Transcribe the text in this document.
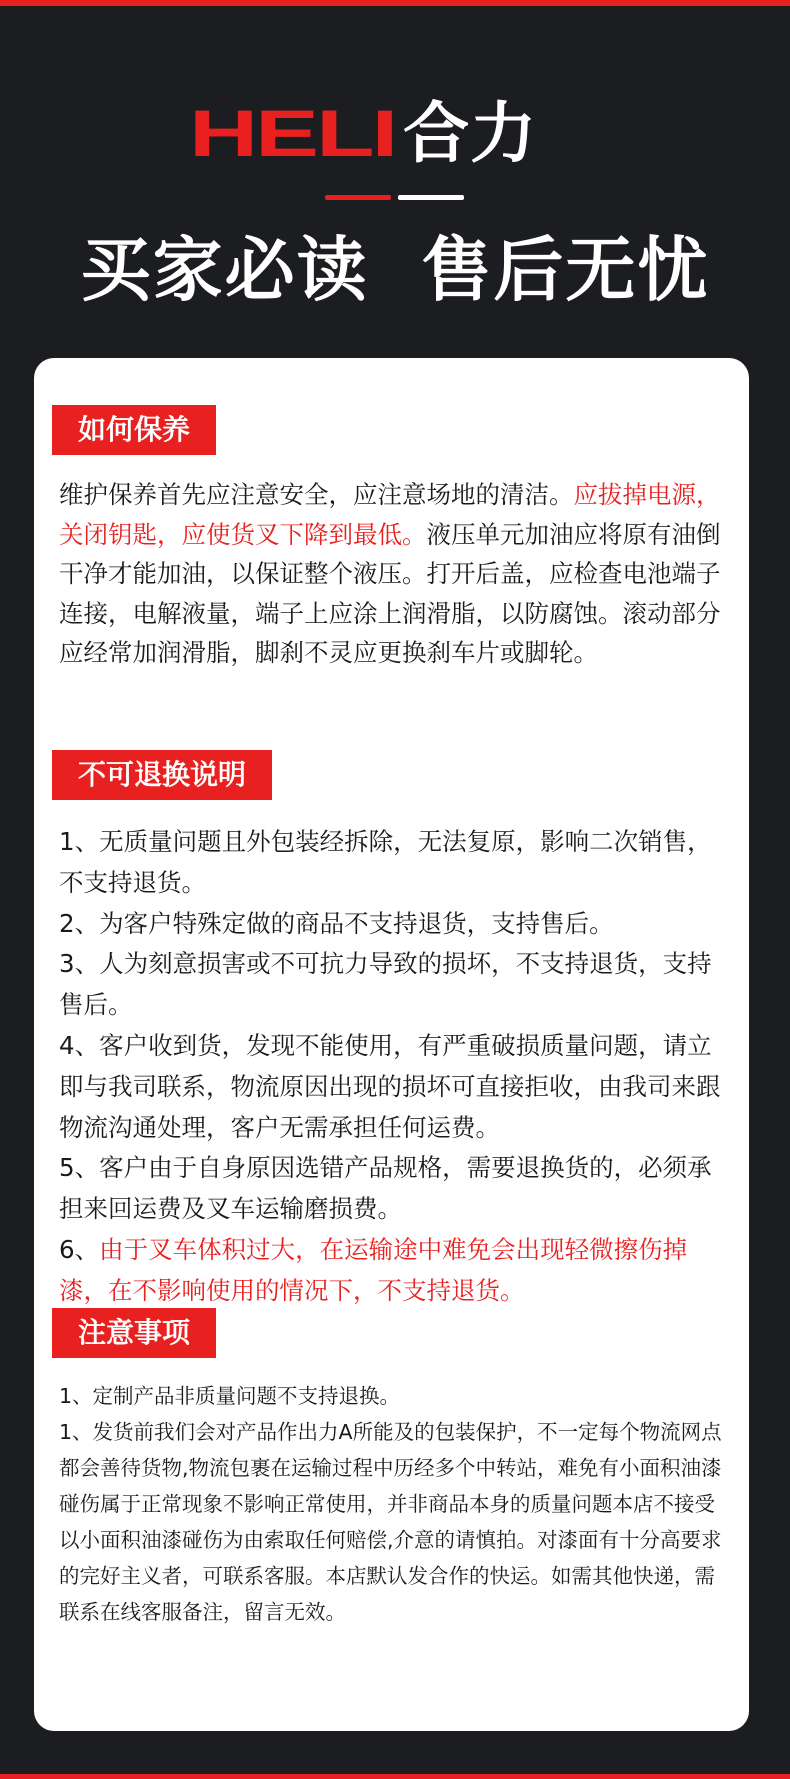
HELI 合力
买家必读  售后无忧
如何保养

维护保养首先应注意安全，应注意场地的清洁。应拔掉电源，关闭钥匙，应使货叉下降到最低。液压单元加油应将原有油倒干净才能加油，以保证整个液压。打开后盖，应检查电池端子连接，电解液量，端子上应涂上润滑脂，以防腐蚀。滚动部分应经常加润滑脂，脚刹不灵应更换刹车片或脚轮。

不可退换说明
1、无质量问题且外包装经拆除，无法复原，影响二次销售，不支持退货。
2、为客户特殊定做的商品不支持退货，支持售后。
3、人为刻意损害或不可抗力导致的损坏，不支持退货，支持售后。
4、客户收到货，发现不能使用，有严重破损质量问题，请立即与我司联系，物流原因出现的损坏可直接拒收，由我司来跟物流沟通处理，客户无需承担任何运费。
5、客户由于自身原因选错产品规格，需要退换货的，必须承担来回运费及叉车运输磨损费。
6、由于叉车体积过大，在运输途中难免会出现轻微擦伤掉漆，在不影响使用的情况下，不支持退货。
注意事项
1、定制产品非质量问题不支持退换。
1、发货前我们会对产品作出力A所能及的包装保护，不一定每个物流网点都会善待货物,物流包裹在运输过程中历经多个中转站，难免有小面积油漆碰伤属于正常现象不影响正常使用，并非商品本身的质量问题本店不接受以小面积油漆碰伤为由索取任何赔偿,介意的请慎拍。对漆面有十分高要求的完好主义者，可联系客服。本店默认发合作的快运。如需其他快递，需联系在线客服备注，留言无效。
